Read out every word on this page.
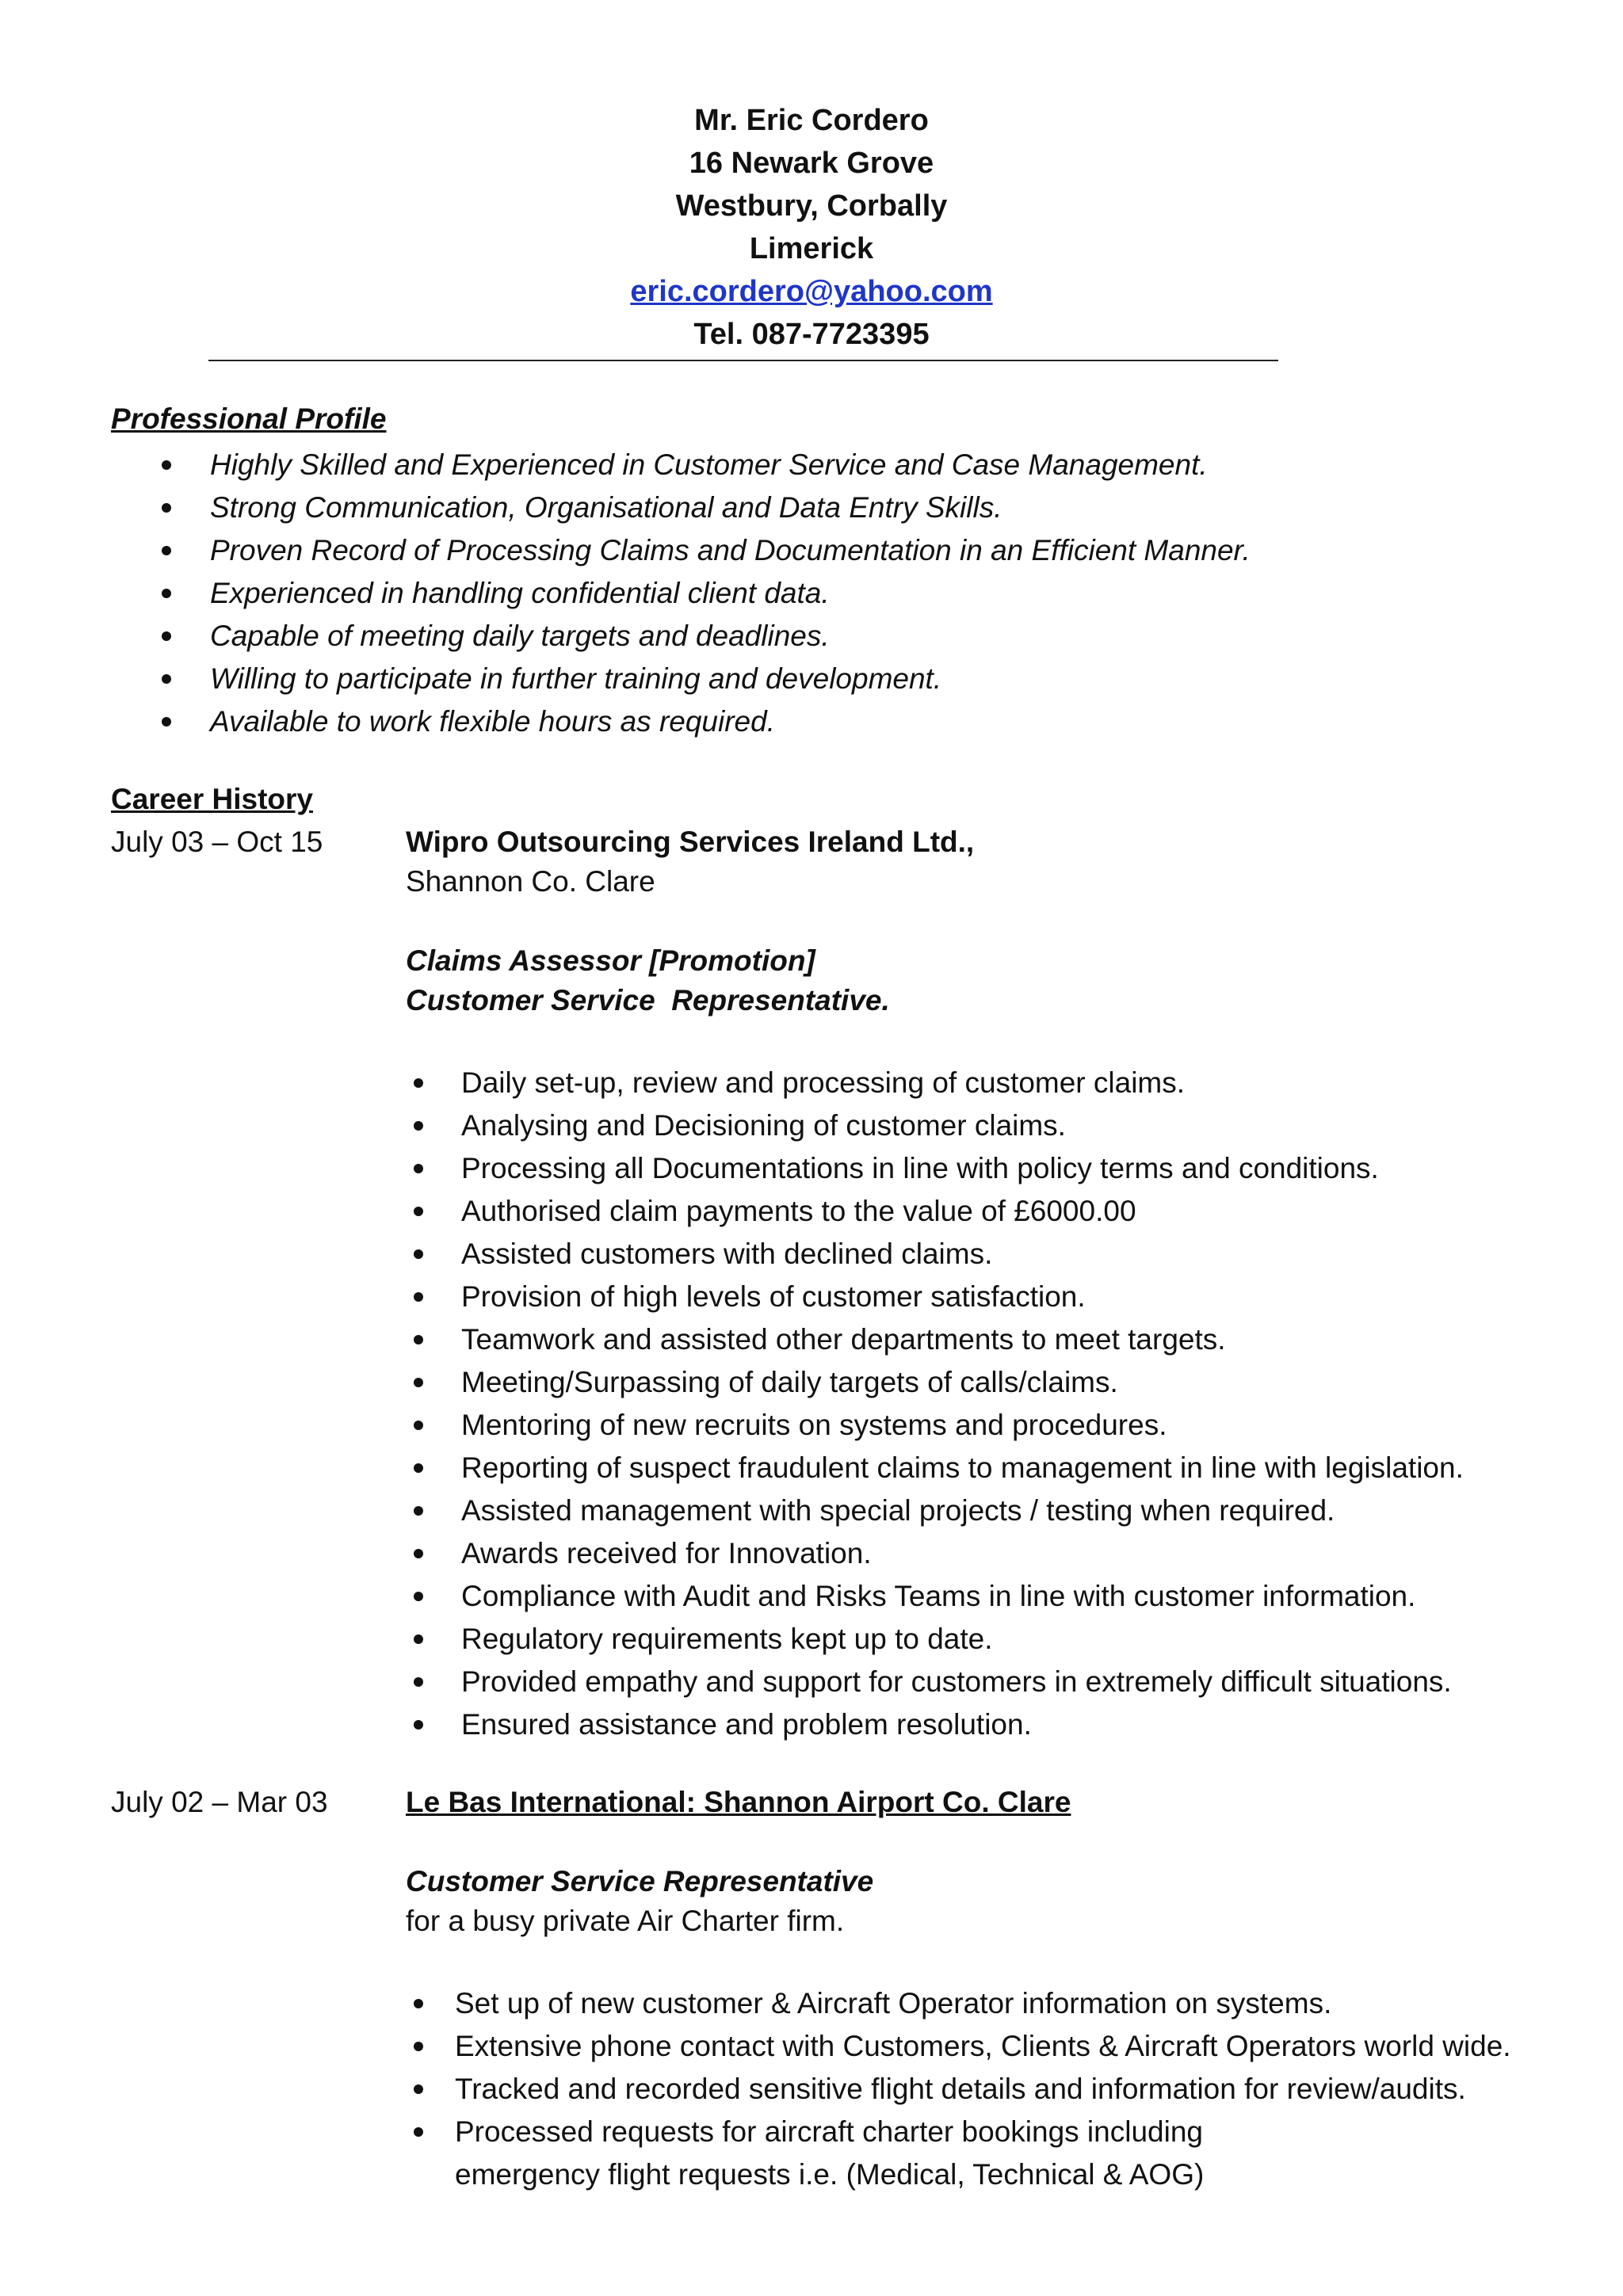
Mr. Eric Cordero
16 Newark Grove
Westbury, Corbally
Limerick
eric.cordero@yahoo.com
Tel. 087-7723395
Professional Profile
Highly Skilled and Experienced in Customer Service and Case Management.
Strong Communication, Organisational and Data Entry Skills.
Proven Record of Processing Claims and Documentation in an Efficient Manner.
Experienced in handling confidential client data.
Capable of meeting daily targets and deadlines.
Willing to participate in further training and development.
Available to work flexible hours as required.
Career History
July 03 – Oct 15	Wipro Outsourcing Services Ireland Ltd.,
Shannon Co. Clare
Claims Assessor [Promotion]
Customer Service  Representative.
Daily set-up, review and processing of customer claims.
Analysing and Decisioning of customer claims.
Processing all Documentations in line with policy terms and conditions.
Authorised claim payments to the value of £6000.00
Assisted customers with declined claims.
Provision of high levels of customer satisfaction.
Teamwork and assisted other departments to meet targets.
Meeting/Surpassing of daily targets of calls/claims.
Mentoring of new recruits on systems and procedures.
Reporting of suspect fraudulent claims to management in line with legislation.
Assisted management with special projects / testing when required.
Awards received for Innovation.
Compliance with Audit and Risks Teams in line with customer information.
Regulatory requirements kept up to date.
Provided empathy and support for customers in extremely difficult situations.
Ensured assistance and problem resolution.
July 02 – Mar 03	Le Bas International: Shannon Airport Co. Clare
Customer Service Representative
for a busy private Air Charter firm.
Set up of new customer & Aircraft Operator information on systems.
Extensive phone contact with Customers, Clients & Aircraft Operators world wide.
Tracked and recorded sensitive flight details and information for review/audits.
Processed requests for aircraft charter bookings including
emergency flight requests i.e. (Medical, Technical & AOG)
